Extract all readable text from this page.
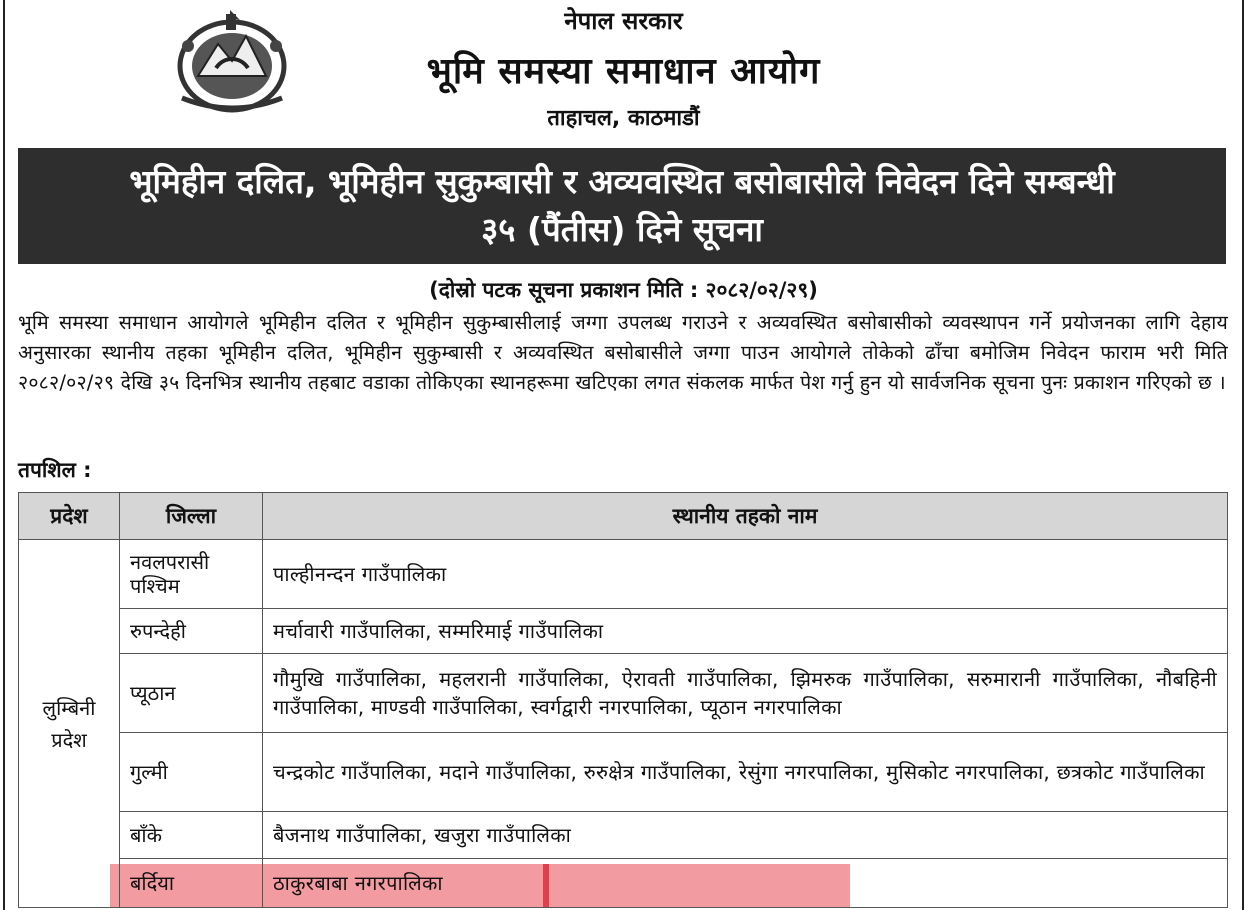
नेपाल सरकार
भूमि समस्या समाधान आयोग
ताहाचल, काठमाडौं
भूमिहीन दलित, भूमिहीन सुकुम्बासी र अव्यवस्थित बसोबासीले निवेदन दिने सम्बन्धी
३५ (पैंतीस) दिने सूचना
(दोस्रो पटक सूचना प्रकाशन मिति : २०८२/०२/२९)
भूमि समस्या समाधान आयोगले भूमिहीन दलित र भूमिहीन सुकुम्बासीलाई जग्गा उपलब्ध गराउने र अव्यवस्थित बसोबासीको व्यवस्थापन गर्ने प्रयोजनका लागि देहाय अनुसारका स्थानीय तहका भूमिहीन दलित, भूमिहीन सुकुम्बासी र अव्यवस्थित बसोबासीले जग्गा पाउन आयोगले तोकेको ढाँचा बमोजिम निवेदन फाराम भरी मिति २०८२/०२/२९ देखि ३५ दिनभित्र स्थानीय तहबाट वडाका तोकिएका स्थानहरूमा खटिएका लगत संकलक मार्फत पेश गर्नु हुन यो सार्वजनिक सूचना पुनः प्रकाशन गरिएको छ ।
तपशिल :
प्रदेश	जिल्ला	स्थानीय तहको नाम
लुम्बिनी प्रदेश	नवलपरासी पश्चिम	पाल्हीनन्दन गाउँपालिका
	रुपन्देही	मर्चावारी गाउँपालिका, सम्मरिमाई गाउँपालिका
	प्यूठान	गौमुखि गाउँपालिका, महलरानी गाउँपालिका, ऐरावती गाउँपालिका, झिमरुक गाउँपालिका, सरुमारानी गाउँपालिका, नौबहिनी गाउँपालिका, माण्डवी गाउँपालिका, स्वर्गद्वारी नगरपालिका, प्यूठान नगरपालिका
	गुल्मी	चन्द्रकोट गाउँपालिका, मदाने गाउँपालिका, रुरुक्षेत्र गाउँपालिका, रेसुंगा नगरपालिका, मुसिकोट नगरपालिका, छत्रकोट गाउँपालिका
	बाँके	बैजनाथ गाउँपालिका, खजुरा गाउँपालिका
	बर्दिया	ठाकुरबाबा नगरपालिका
